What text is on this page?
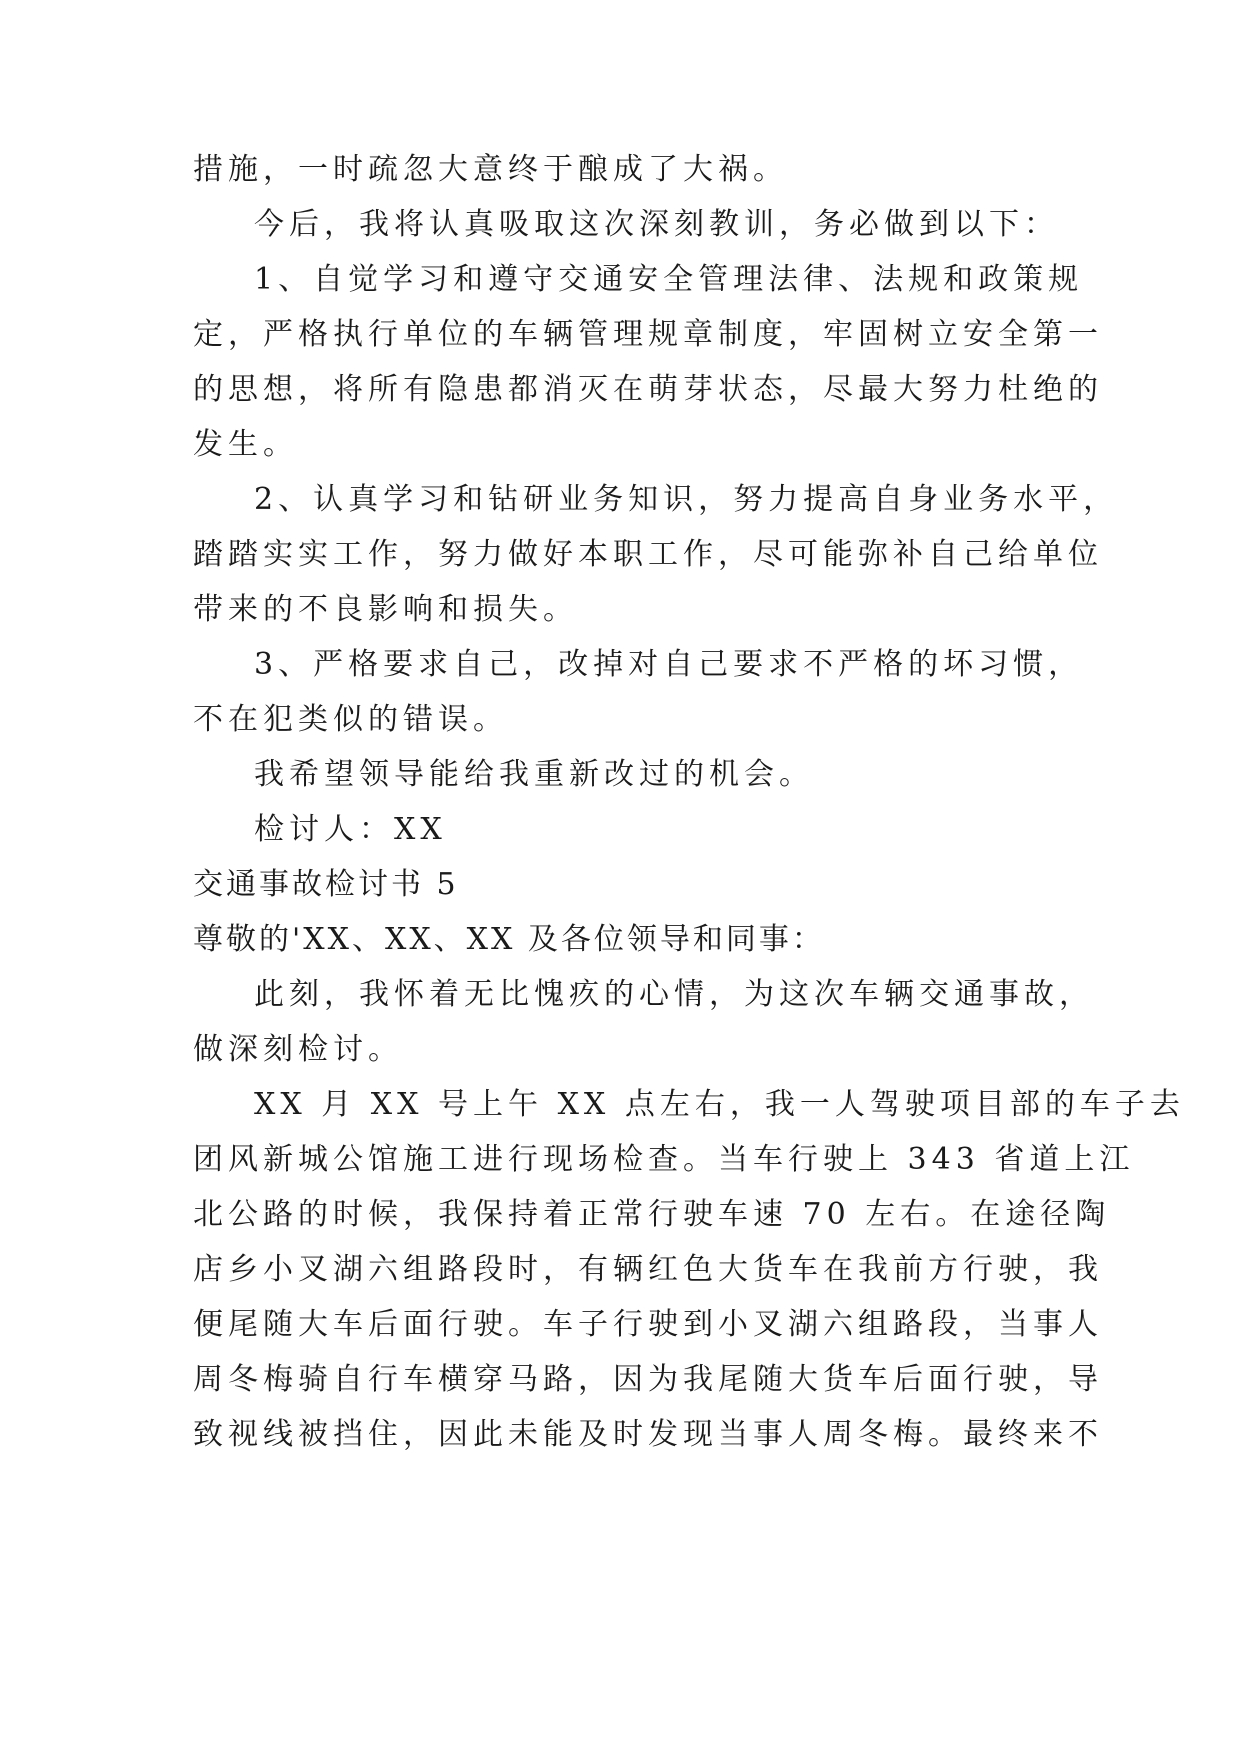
措施，一时疏忽大意终于酿成了大祸。
今后，我将认真吸取这次深刻教训，务必做到以下：
1、自觉学习和遵守交通安全管理法律、法规和政策规
定，严格执行单位的车辆管理规章制度，牢固树立安全第一
的思想，将所有隐患都消灭在萌芽状态，尽最大努力杜绝的
发生。
2、认真学习和钻研业务知识，努力提高自身业务水平，
踏踏实实工作，努力做好本职工作，尽可能弥补自己给单位
带来的不良影响和损失。
3、严格要求自己，改掉对自己要求不严格的坏习惯，
不在犯类似的错误。
我希望领导能给我重新改过的机会。
检讨人：XX
交通事故检讨书 5
尊敬的'XX、XX、XX 及各位领导和同事：
此刻，我怀着无比愧疚的心情，为这次车辆交通事故，
做深刻检讨。
XX 月 XX 号上午 XX 点左右，我一人驾驶项目部的车子去
团风新城公馆施工进行现场检查。当车行驶上 343 省道上江
北公路的时候，我保持着正常行驶车速 70 左右。在途径陶
店乡小叉湖六组路段时，有辆红色大货车在我前方行驶，我
便尾随大车后面行驶。车子行驶到小叉湖六组路段，当事人
周冬梅骑自行车横穿马路，因为我尾随大货车后面行驶，导
致视线被挡住，因此未能及时发现当事人周冬梅。最终来不
